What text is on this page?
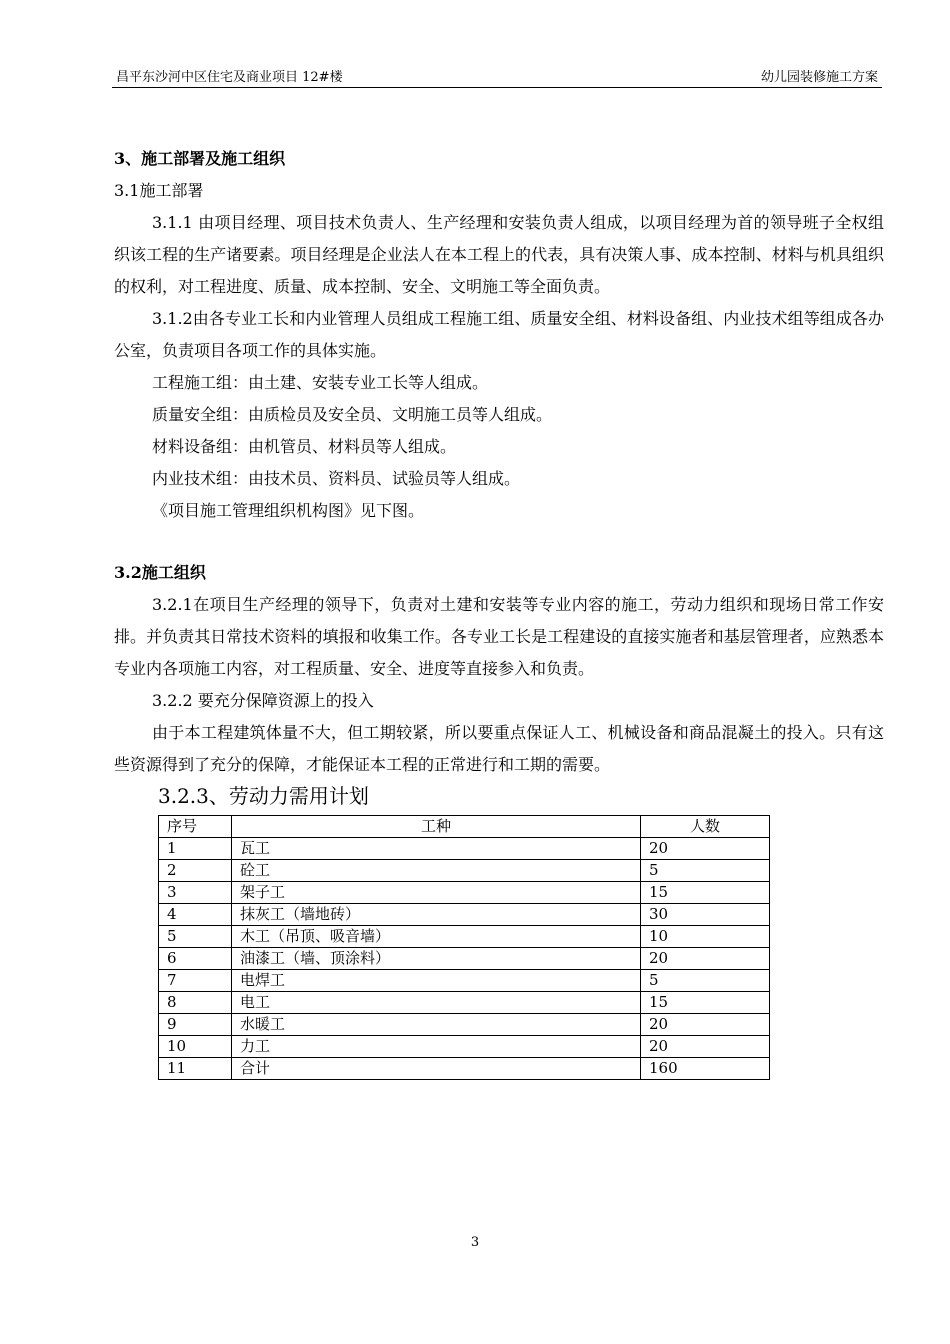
昌平东沙河中区住宅及商业项目 12#楼	幼儿园装修施工方案
3、施工部署及施工组织

3.1施工部署

3.1.1 由项目经理、项目技术负责人、生产经理和安装负责人组成，以项目经理为首的领导班子全权组织该工程的生产诸要素。项目经理是企业法人在本工程上的代表，具有决策人事、成本控制、材料与机具组织的权利，对工程进度、质量、成本控制、安全、文明施工等全面负责。

3.1.2由各专业工长和内业管理人员组成工程施工组、质量安全组、材料设备组、内业技术组等组成各办公室，负责项目各项工作的具体实施。

工程施工组：由土建、安装专业工长等人组成。

质量安全组：由质检员及安全员、文明施工员等人组成。

材料设备组：由机管员、材料员等人组成。

内业技术组：由技术员、资料员、试验员等人组成。

《项目施工管理组织机构图》见下图。

3.2施工组织

3.2.1在项目生产经理的领导下，负责对土建和安装等专业内容的施工，劳动力组织和现场日常工作安排。并负责其日常技术资料的填报和收集工作。各专业工长是工程建设的直接实施者和基层管理者，应熟悉本专业内各项施工内容，对工程质量、安全、进度等直接参入和负责。

3.2.2 要充分保障资源上的投入

由于本工程建筑体量不大，但工期较紧，所以要重点保证人工、机械设备和商品混凝土的投入。只有这些资源得到了充分的保障，才能保证本工程的正常进行和工期的需要。

3.2.3、劳动力需用计划
序号	工种	人数
1	瓦工	20
2	砼工	5
3	架子工	15
4	抹灰工（墙地砖）	30
5	木工（吊顶、吸音墙）	10
6	油漆工（墙、顶涂料）	20
7	电焊工	5
8	电工	15
9	水暖工	20
10	力工	20
11	合计	160
3
